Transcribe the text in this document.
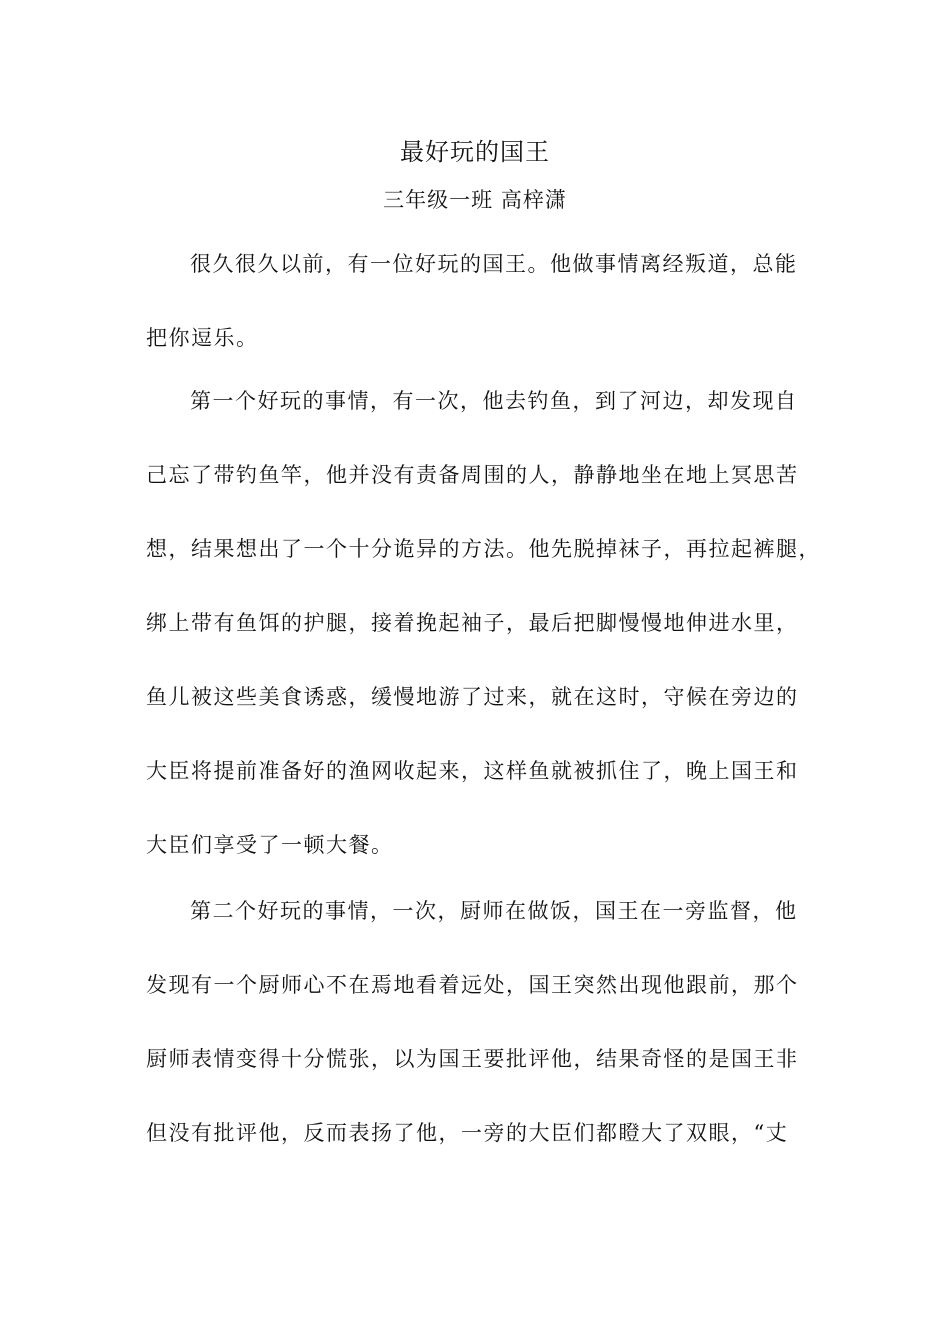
最好玩的国王

三年级一班 高梓潇

很久很久以前，有一位好玩的国王。他做事情离经叛道，总能

把你逗乐。

第一个好玩的事情，有一次，他去钓鱼，到了河边，却发现自

己忘了带钓鱼竿，他并没有责备周围的人，静静地坐在地上冥思苦

想，结果想出了一个十分诡异的方法。他先脱掉袜子，再拉起裤腿，

绑上带有鱼饵的护腿，接着挽起袖子，最后把脚慢慢地伸进水里，

鱼儿被这些美食诱惑，缓慢地游了过来，就在这时，守候在旁边的

大臣将提前准备好的渔网收起来，这样鱼就被抓住了，晚上国王和

大臣们享受了一顿大餐。

第二个好玩的事情，一次，厨师在做饭，国王在一旁监督，他

发现有一个厨师心不在焉地看着远处，国王突然出现他跟前，那个

厨师表情变得十分慌张，以为国王要批评他，结果奇怪的是国王非

但没有批评他，反而表扬了他，一旁的大臣们都瞪大了双眼，“丈
